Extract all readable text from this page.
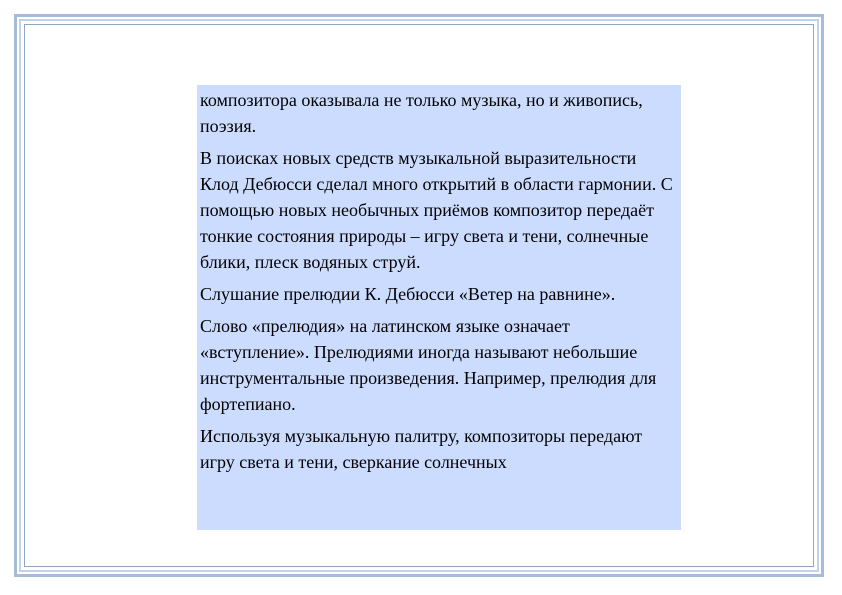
композитора оказывала не только музыка, но и живопись, поэзия.

В поисках новых средств музыкальной выразительности Клод Дебюсси сделал много открытий в области гармонии. С помощью новых необычных приёмов композитор передаёт тонкие состояния природы – игру света и тени, солнечные блики, плеск водяных струй.

Слушание прелюдии К. Дебюсси «Ветер на равнине».

Слово «прелюдия» на латинском языке означает «вступление». Прелюдиями иногда называют небольшие инструментальные произведения. Например, прелюдия для фортепиано.

Используя музыкальную палитру, композиторы передают игру света и тени, сверкание солнечных
